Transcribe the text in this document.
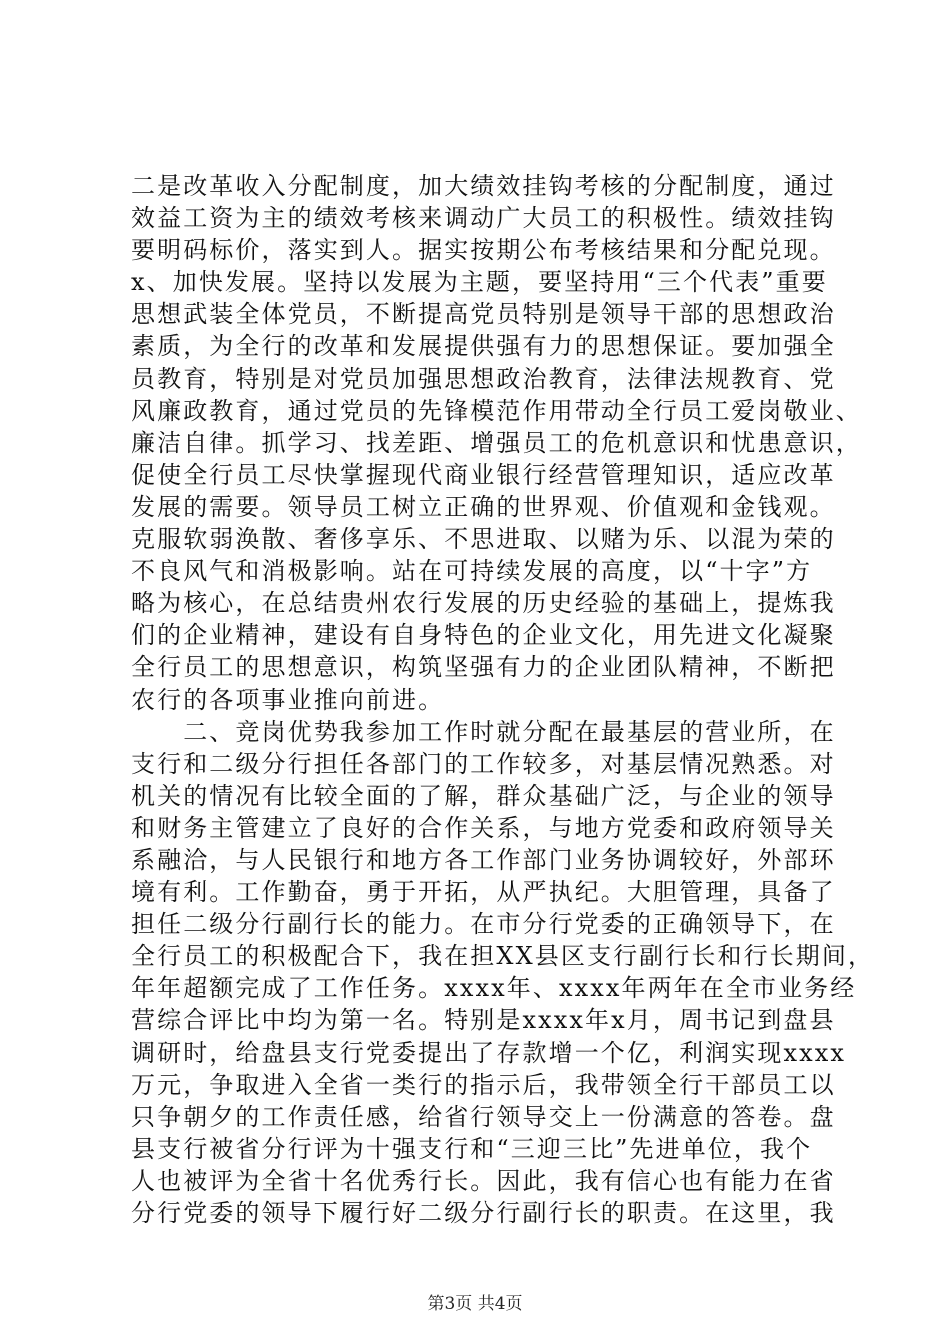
二是改革收入分配制度，加大绩效挂钩考核的分配制度，通过
效益工资为主的绩效考核来调动广大员工的积极性。绩效挂钩
要明码标价，落实到人。据实按期公布考核结果和分配兑现。
x、加快发展。坚持以发展为主题，要坚持用“三个代表”重要
思想武装全体党员，不断提高党员特别是领导干部的思想政治
素质，为全行的改革和发展提供强有力的思想保证。要加强全
员教育，特别是对党员加强思想政治教育，法律法规教育、党
风廉政教育，通过党员的先锋模范作用带动全行员工爱岗敬业、
廉洁自律。抓学习、找差距、增强员工的危机意识和忧患意识，
促使全行员工尽快掌握现代商业银行经营管理知识，适应改革
发展的需要。领导员工树立正确的世界观、价值观和金钱观。
克服软弱涣散、奢侈享乐、不思进取、以赌为乐、以混为荣的
不良风气和消极影响。站在可持续发展的高度，以“十字”方
略为核心，在总结贵州农行发展的历史经验的基础上，提炼我
们的企业精神，建设有自身特色的企业文化，用先进文化凝聚
全行员工的思想意识，构筑坚强有力的企业团队精神，不断把
农行的各项事业推向前进。
　　二、竞岗优势我参加工作时就分配在最基层的营业所，在
支行和二级分行担任各部门的工作较多，对基层情况熟悉。对
机关的情况有比较全面的了解，群众基础广泛，与企业的领导
和财务主管建立了良好的合作关系，与地方党委和政府领导关
系融洽，与人民银行和地方各工作部门业务协调较好，外部环
境有利。工作勤奋，勇于开拓，从严执纪。大胆管理，具备了
担任二级分行副行长的能力。在市分行党委的正确领导下，在
全行员工的积极配合下，我在担XX县区支行副行长和行长期间，
年年超额完成了工作任务。xxxx年、xxxx年两年在全市业务经
营综合评比中均为第一名。特别是xxxx年x月，周书记到盘县
调研时，给盘县支行党委提出了存款增一个亿，利润实现xxxx
万元，争取进入全省一类行的指示后，我带领全行干部员工以
只争朝夕的工作责任感，给省行领导交上一份满意的答卷。盘
县支行被省分行评为十强支行和“三迎三比”先进单位，我个
人也被评为全省十名优秀行长。因此，我有信心也有能力在省
分行党委的领导下履行好二级分行副行长的职责。在这里，我
第3页 共4页
